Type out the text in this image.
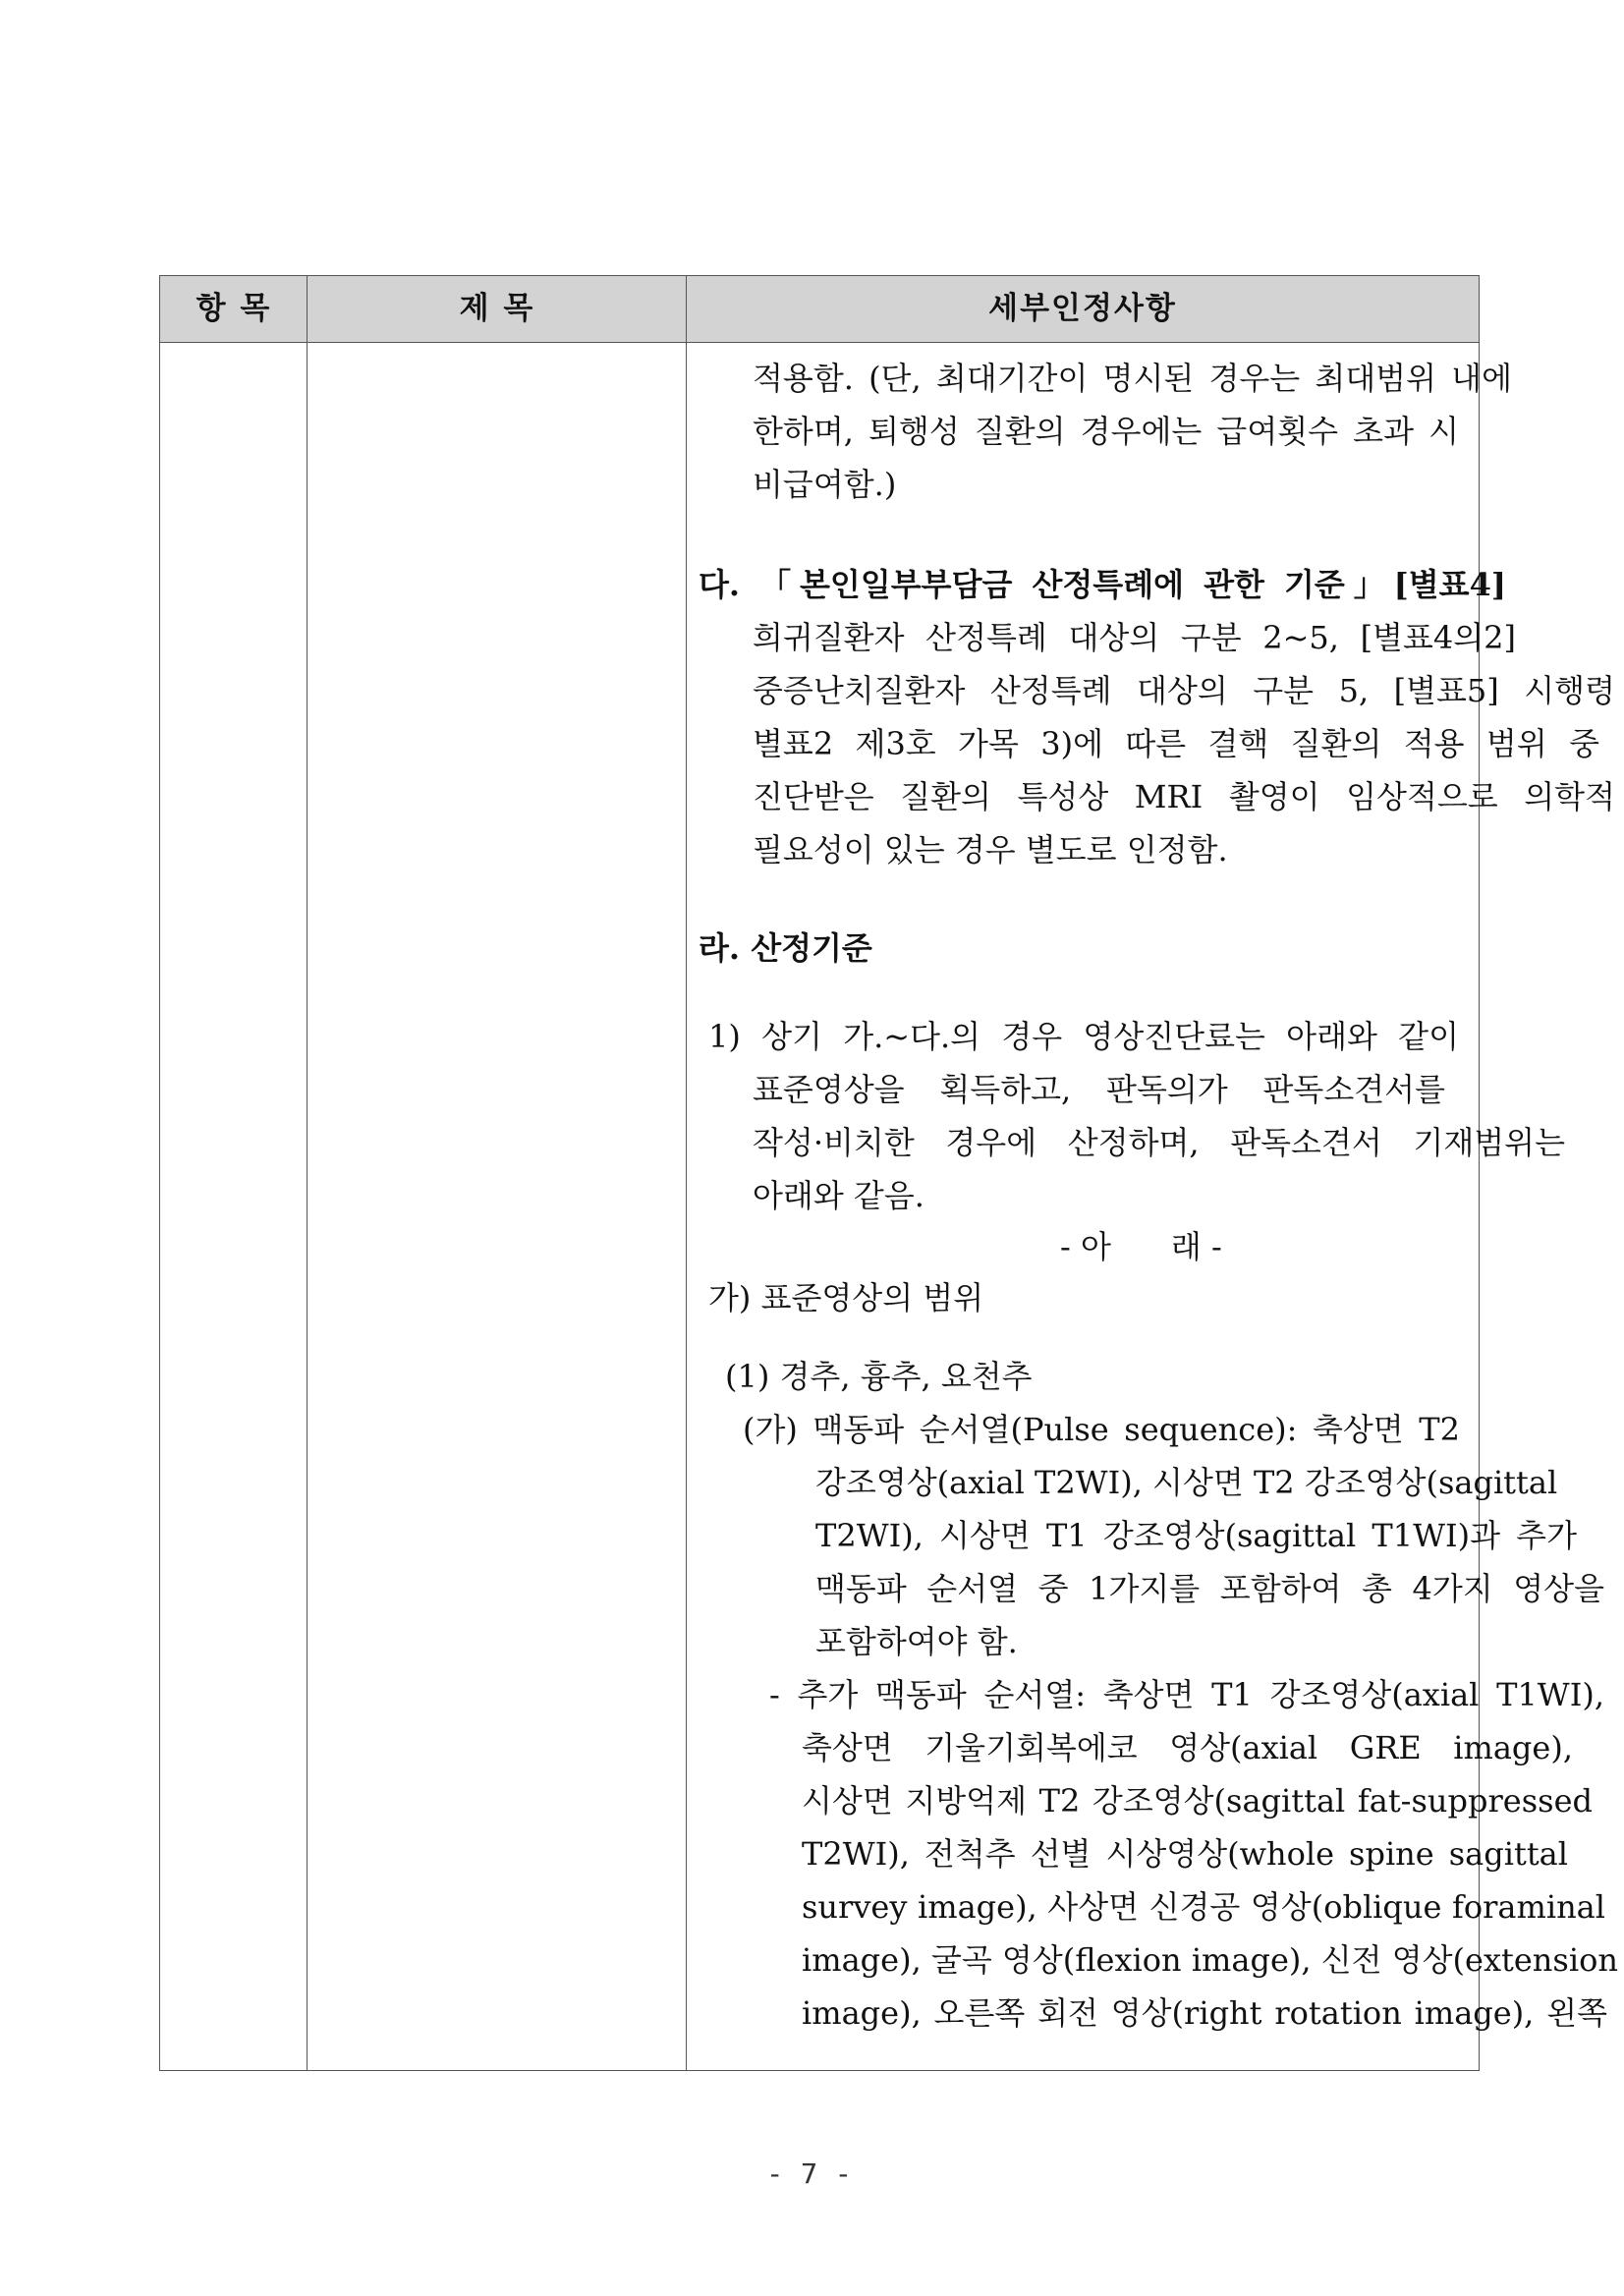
항 목	제 목	세부인정사항
적용함. (단, 최대기간이 명시된 경우는 최대범위 내에
한하며, 퇴행성 질환의 경우에는 급여횟수 초과 시
비급여함.)
다. 「본인일부부담금 산정특례에 관한 기준」[별표4]
희귀질환자 산정특례 대상의 구분 2~5, [별표4의2]
중증난치질환자 산정특례 대상의 구분 5, [별표5] 시행령
별표2 제3호 가목 3)에 따른 결핵 질환의 적용 범위 중
진단받은 질환의 특성상 MRI 촬영이 임상적으로 의학적
필요성이 있는 경우 별도로 인정함.
라. 산정기준
1) 상기 가.~다.의 경우 영상진단료는 아래와 같이
표준영상을 획득하고, 판독의가 판독소견서를
작성·비치한 경우에 산정하며, 판독소견서 기재범위는
아래와 같음.
- 아      래 -
가) 표준영상의 범위
(1) 경추, 흉추, 요천추
(가) 맥동파 순서열(Pulse sequence): 축상면 T2
강조영상(axial T2WI), 시상면 T2 강조영상(sagittal
T2WI), 시상면 T1 강조영상(sagittal T1WI)과 추가
맥동파 순서열 중 1가지를 포함하여 총 4가지 영상을
포함하여야 함.
- 추가 맥동파 순서열: 축상면 T1 강조영상(axial T1WI),
축상면 기울기회복에코 영상(axial GRE image),
시상면 지방억제 T2 강조영상(sagittal fat-suppressed
T2WI), 전척추 선별 시상영상(whole spine sagittal
survey image), 사상면 신경공 영상(oblique foraminal
image), 굴곡 영상(flexion image), 신전 영상(extension
image), 오른쪽 회전 영상(right rotation image), 왼쪽
- 7 -
